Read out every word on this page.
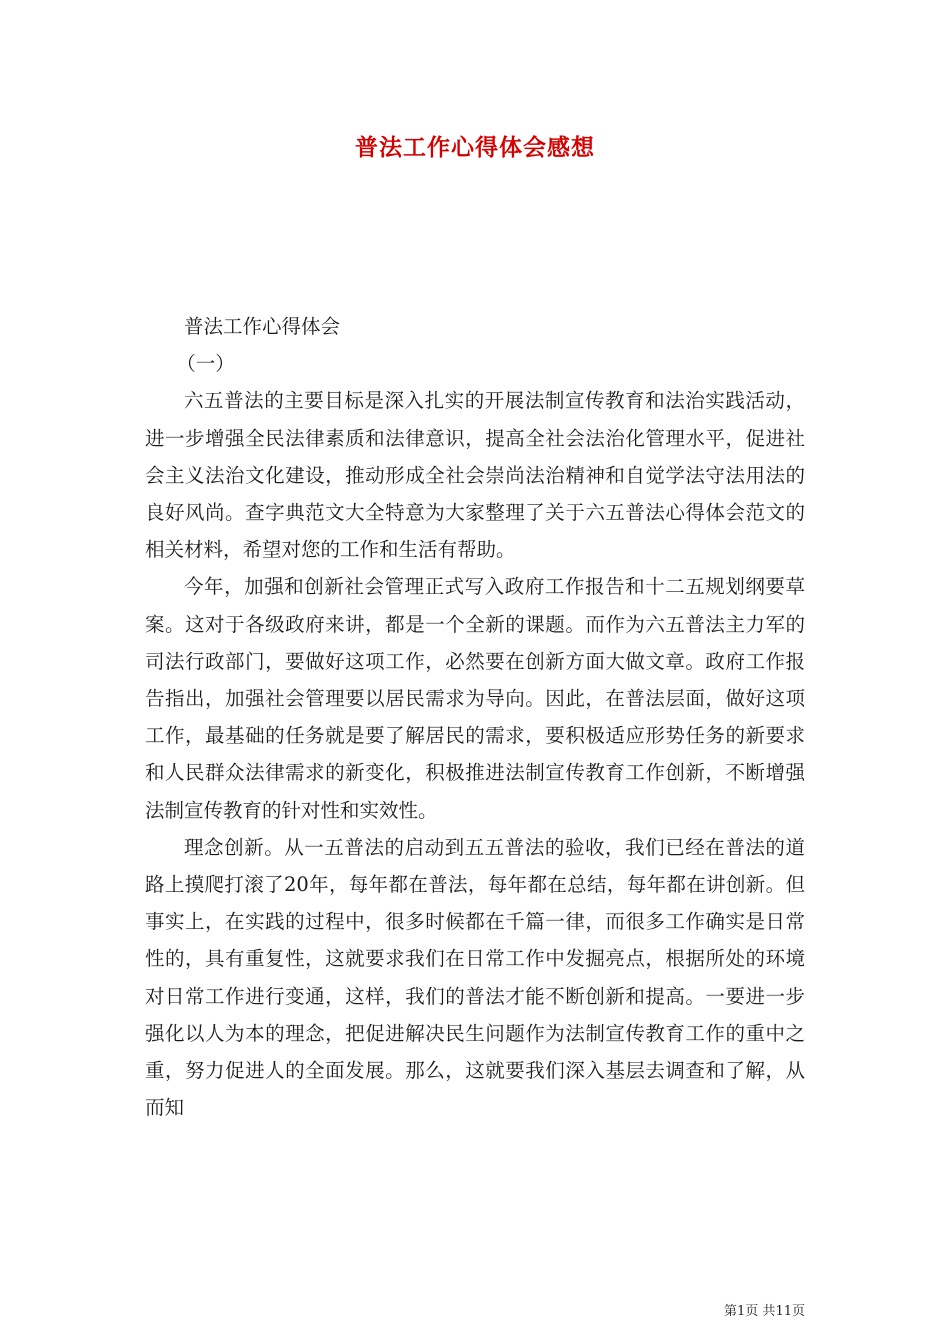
普法工作心得体会感想

普法工作心得体会

（一）

六五普法的主要目标是深入扎实的开展法制宣传教育和法治实践活动，进一步增强全民法律素质和法律意识，提高全社会法治化管理水平，促进社会主义法治文化建设，推动形成全社会崇尚法治精神和自觉学法守法用法的良好风尚。查字典范文大全特意为大家整理了关于六五普法心得体会范文的相关材料，希望对您的工作和生活有帮助。

今年，加强和创新社会管理正式写入政府工作报告和十二五规划纲要草案。这对于各级政府来讲，都是一个全新的课题。而作为六五普法主力军的司法行政部门，要做好这项工作，必然要在创新方面大做文章。政府工作报告指出，加强社会管理要以居民需求为导向。因此，在普法层面，做好这项工作，最基础的任务就是要了解居民的需求，要积极适应形势任务的新要求和人民群众法律需求的新变化，积极推进法制宣传教育工作创新，不断增强法制宣传教育的针对性和实效性。

理念创新。从一五普法的启动到五五普法的验收，我们已经在普法的道路上摸爬打滚了20年，每年都在普法，每年都在总结，每年都在讲创新。但事实上，在实践的过程中，很多时候都在千篇一律，而很多工作确实是日常性的，具有重复性，这就要求我们在日常工作中发掘亮点，根据所处的环境对日常工作进行变通，这样，我们的普法才能不断创新和提高。一要进一步强化以人为本的理念，把促进解决民生问题作为法制宣传教育工作的重中之重，努力促进人的全面发展。那么，这就要我们深入基层去调查和了解，从而知

第1页 共11页
